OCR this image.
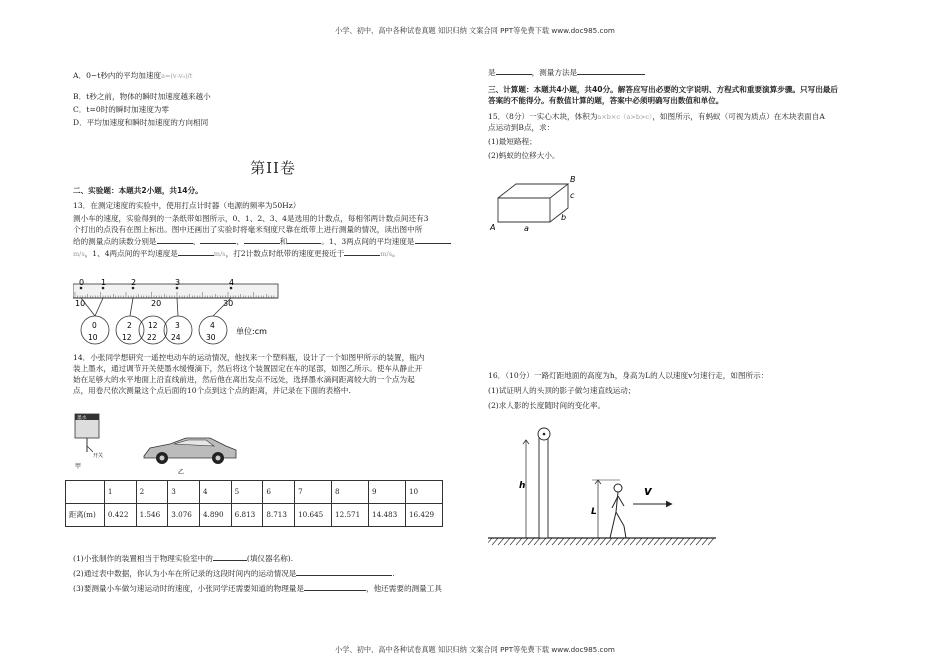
小学、初中、高中各种试卷真题 知识归纳 文案合同 PPT等免费下载 www.doc985.com
小学、初中、高中各种试卷真题 知识归纳 文案合同 PPT等免费下载 www.doc985.com

A．0~t秒内的平均加速度a=(v-v₀)/t

B．t秒之前，物体的瞬时加速度越来越小

C．t=0时的瞬时加速度为零

D．平均加速度和瞬时加速度的方向相同

第II卷

二、实验题：本题共2小题，共14分。

13．在测定速度的实验中，使用打点计时器（电源的频率为50Hz）

测小车的速度，实验得到的一条纸带如图所示，0、1、2、3、4是选用的计数点，每相邻两计数点间还有3

个打出的点没有在图上标出。图中还画出了实验时将毫米刻度尺靠在纸带上进行测量的情况，读出图中所

给的测量点的读数分别是	、	、	和	。1、3两点间的平均速度是

m/s，1、4两点间的平均速度是	m/s，打2计数点时纸带的速度更接近于	m/s。

0 1	2	3	4
10	20	30
0
10
2
12
12
22
3
24
4
30
单位:cm

14．小张同学想研究一遥控电动车的运动情况，他找来一个塑料瓶，设计了一个如图甲所示的装置，瓶内

装上墨水，通过调节开关使墨水缓慢滴下，然后将这个装置固定在车的尾部，如图乙所示。使车从静止开

始在足够大的水平地面上沿直线前进，然后他在离出发点不远处，选择墨水滴间距离较大的一个点为起

点，用卷尺依次测量这个点后面的10个点到这个点的距离，并记录在下面的表格中.

墨水
开关
甲
乙
	1	2	3	4	5	6	7	8	9	10
距离(m)	0.422	1.546	3.076	4.890	6.813	8.713	10.645	12.571	14.483	16.429

(1)小张制作的装置相当于物理实验室中的	(填仪器名称).

(2)通过表中数据，你认为小车在所记录的这段时间内的运动情况是	.

(3)要测量小车做匀速运动时的速度，小张同学还需要知道的物理量是	，他还需要的测量工具

是	，测量方法是

三、计算题：本题共4小题，共40分。解答应写出必要的文字说明、方程式和重要演算步骤。只写出最后

答案的不能得分。有数值计算的题，答案中必须明确写出数值和单位。

15．（8分）一实心木块，体积为a×b×c（a>b>c），如图所示，有蚂蚁（可视为质点）在木块表面自A

点运动到B点，求：

(1)最短路程；

(2)蚂蚁的位移大小。

A
B
a
b
c

16．（10分）一路灯距地面的高度为h，身高为L的人以速度v匀速行走，如图所示：

(1)试证明人的头顶的影子做匀速直线运动；

(2)求人影的长度随时间的变化率。

h
L
v
